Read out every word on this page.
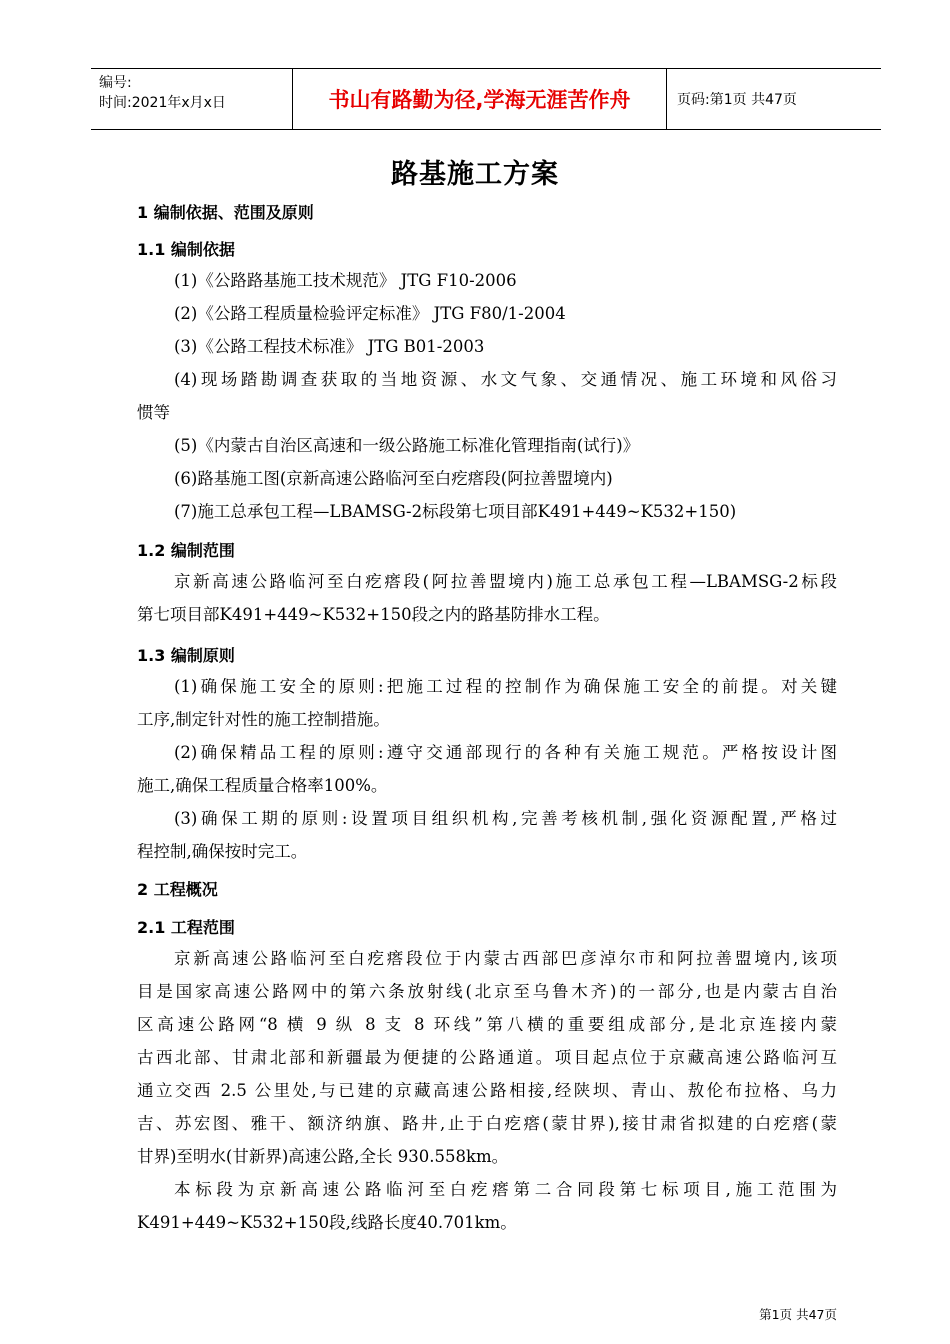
编号:
时间:2021年x月x日	书山有路勤为径,学海无涯苦作舟	页码:第1页 共47页
路基施工方案
1 编制依据、范围及原则
1.1 编制依据
(1)《公路路基施工技术规范》 JTG F10-2006
(2)《公路工程质量检验评定标准》 JTG F80/1-2004
(3)《公路工程技术标准》 JTG B01-2003
(4)现场踏勘调查获取的当地资源、水文气象、交通情况、施工环境和风俗习
惯等
(5)《内蒙古自治区高速和一级公路施工标准化管理指南(试行)》
(6)路基施工图(京新高速公路临河至白疙瘩段(阿拉善盟境内)
(7)施工总承包工程—LBAMSG-2标段第七项目部K491+449~K532+150)
1.2 编制范围
京新高速公路临河至白疙瘩段(阿拉善盟境内)施工总承包工程—LBAMSG-2标段
第七项目部K491+449~K532+150段之内的路基防排水工程。
1.3 编制原则
(1)确保施工安全的原则:把施工过程的控制作为确保施工安全的前提。对关键
工序,制定针对性的施工控制措施。
(2)确保精品工程的原则:遵守交通部现行的各种有关施工规范。严格按设计图
施工,确保工程质量合格率100%。
(3)确保工期的原则:设置项目组织机构,完善考核机制,强化资源配置,严格过
程控制,确保按时完工。
2 工程概况
2.1 工程范围
京新高速公路临河至白疙瘩段位于内蒙古西部巴彦淖尔市和阿拉善盟境内,该项
目是国家高速公路网中的第六条放射线(北京至乌鲁木齐)的一部分,也是内蒙古自治
区高速公路网“8 横 9 纵 8 支 8 环线”第八横的重要组成部分,是北京连接内蒙
古西北部、甘肃北部和新疆最为便捷的公路通道。项目起点位于京藏高速公路临河互
通立交西 2.5 公里处,与已建的京藏高速公路相接,经陕坝、青山、敖伦布拉格、乌力
吉、苏宏图、雅干、额济纳旗、路井,止于白疙瘩(蒙甘界),接甘肃省拟建的白疙瘩(蒙
甘界)至明水(甘新界)高速公路,全长 930.558km。
本标段为京新高速公路临河至白疙瘩第二合同段第七标项目,施工范围为
K491+449~K532+150段,线路长度40.701km。
第1页 共47页
